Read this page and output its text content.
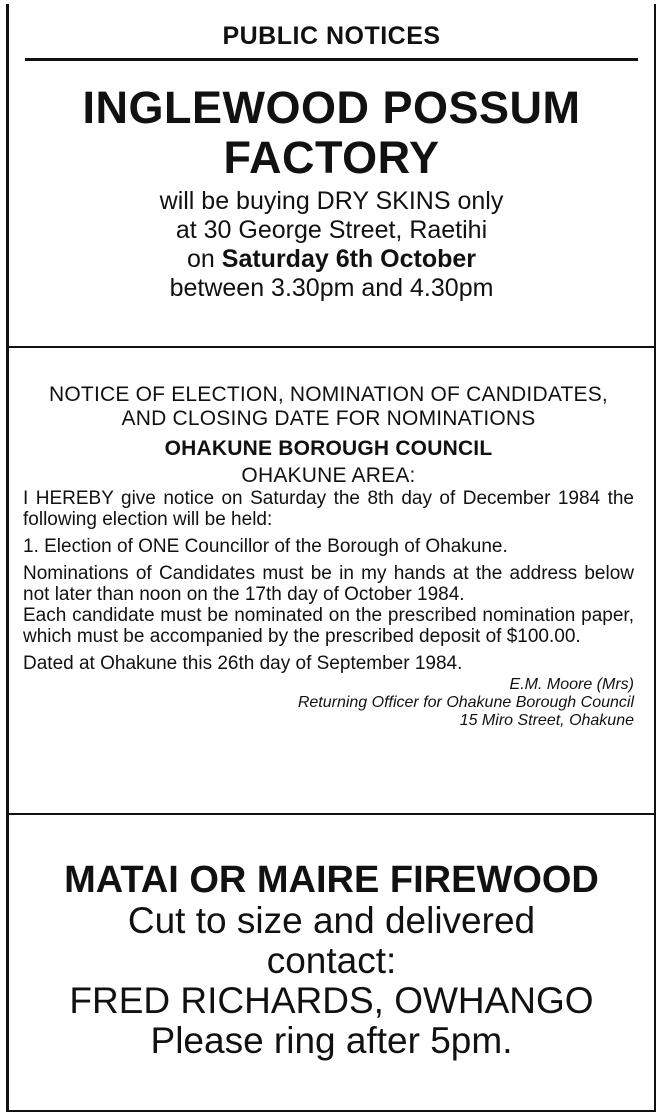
PUBLIC NOTICES
INGLEWOOD POSSUM
FACTORY
will be buying DRY SKINS only
at 30 George Street, Raetihi
on Saturday 6th October
between 3.30pm and 4.30pm
NOTICE OF ELECTION, NOMINATION OF CANDIDATES,
AND CLOSING DATE FOR NOMINATIONS
OHAKUNE BOROUGH COUNCIL
OHAKUNE AREA:
I HEREBY give notice on Saturday the 8th day of December 1984 the following election will be held:
1. Election of ONE Councillor of the Borough of Ohakune.
Nominations of Candidates must be in my hands at the address below not later than noon on the 17th day of October 1984.
Each candidate must be nominated on the prescribed nomination paper, which must be accompanied by the prescribed deposit of $100.00.
Dated at Ohakune this 26th day of September 1984.
E.M. Moore (Mrs)
Returning Officer for Ohakune Borough Council
15 Miro Street, Ohakune
MATAI OR MAIRE FIREWOOD
Cut to size and delivered
contact:
FRED RICHARDS, OWHANGO
Please ring after 5pm.
